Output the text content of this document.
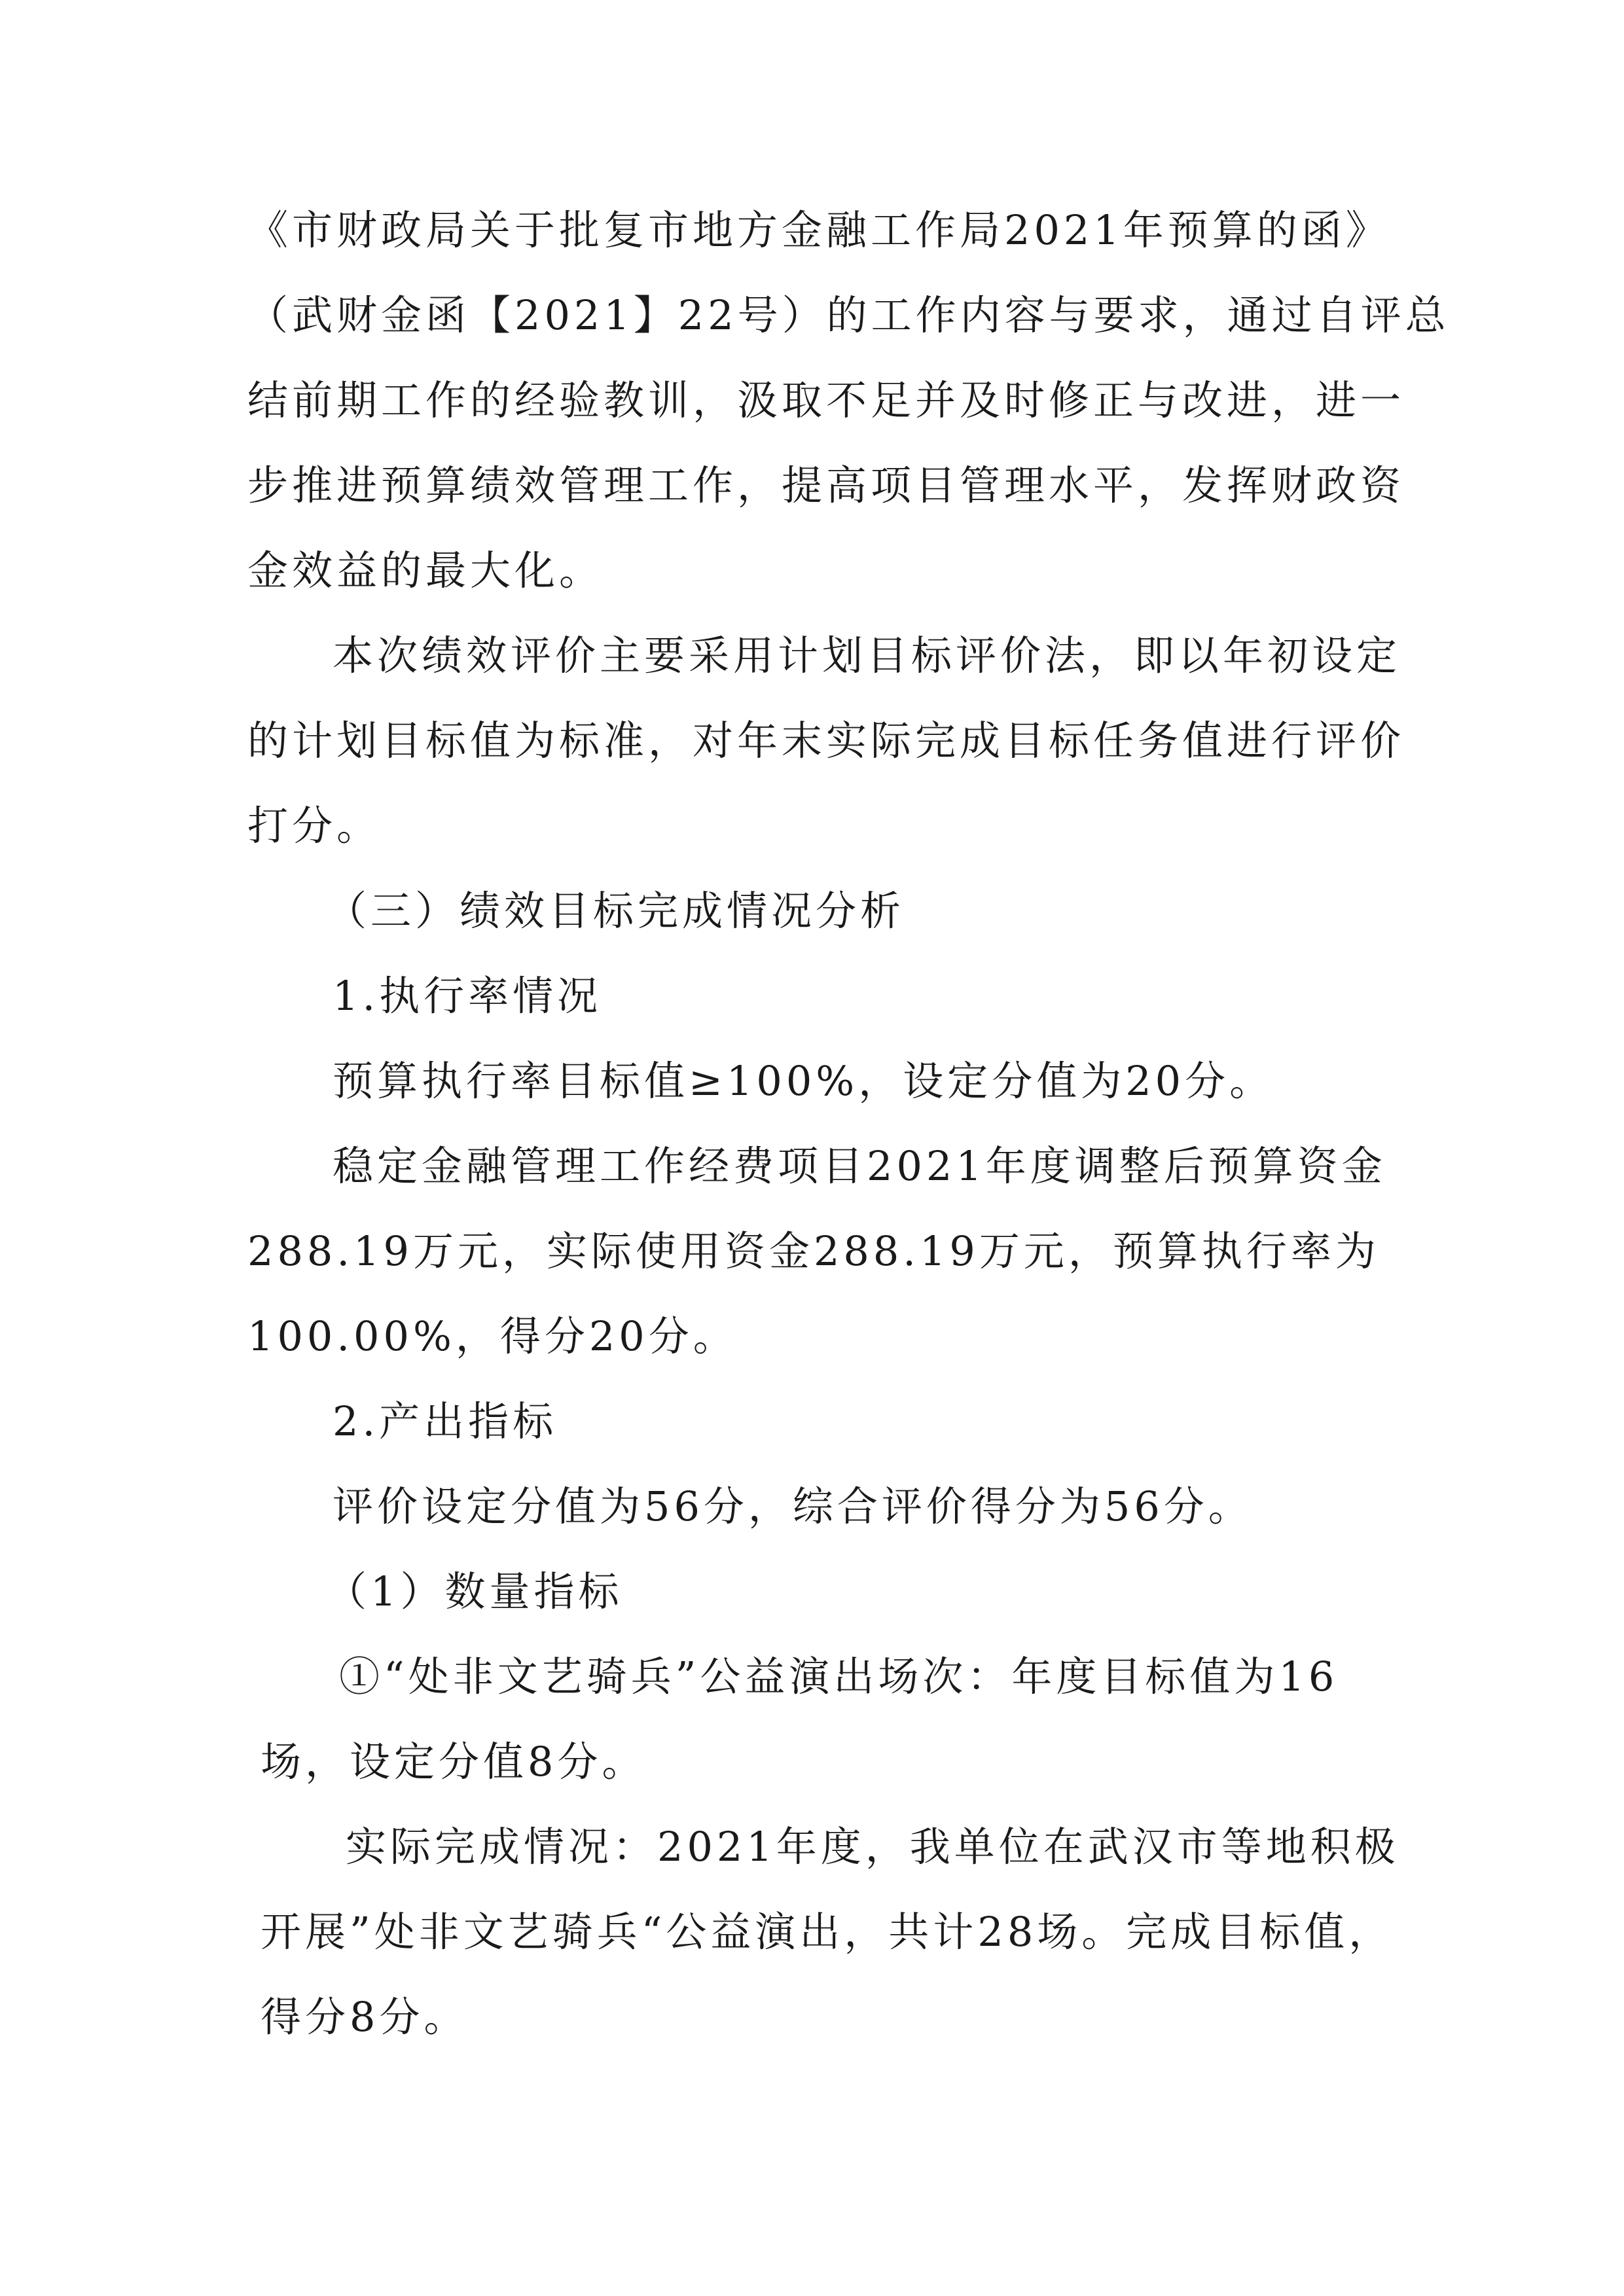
《市财政局关于批复市地方金融工作局2021年预算的函》
（武财金函【2021】22号）的工作内容与要求，通过自评总
结前期工作的经验教训，汲取不足并及时修正与改进，进一
步推进预算绩效管理工作，提高项目管理水平，发挥财政资
金效益的最大化。
本次绩效评价主要采用计划目标评价法，即以年初设定
的计划目标值为标准，对年末实际完成目标任务值进行评价
打分。
（三）绩效目标完成情况分析
1.执行率情况
预算执行率目标值≥100%，设定分值为20分。
稳定金融管理工作经费项目2021年度调整后预算资金
288.19万元，实际使用资金288.19万元，预算执行率为
100.00%，得分20分。
2.产出指标
评价设定分值为56分，综合评价得分为56分。
（1）数量指标
①“处非文艺骑兵”公益演出场次：年度目标值为16
场，设定分值8分。
实际完成情况：2021年度，我单位在武汉市等地积极
开展”处非文艺骑兵“公益演出，共计28场。完成目标值，
得分8分。
